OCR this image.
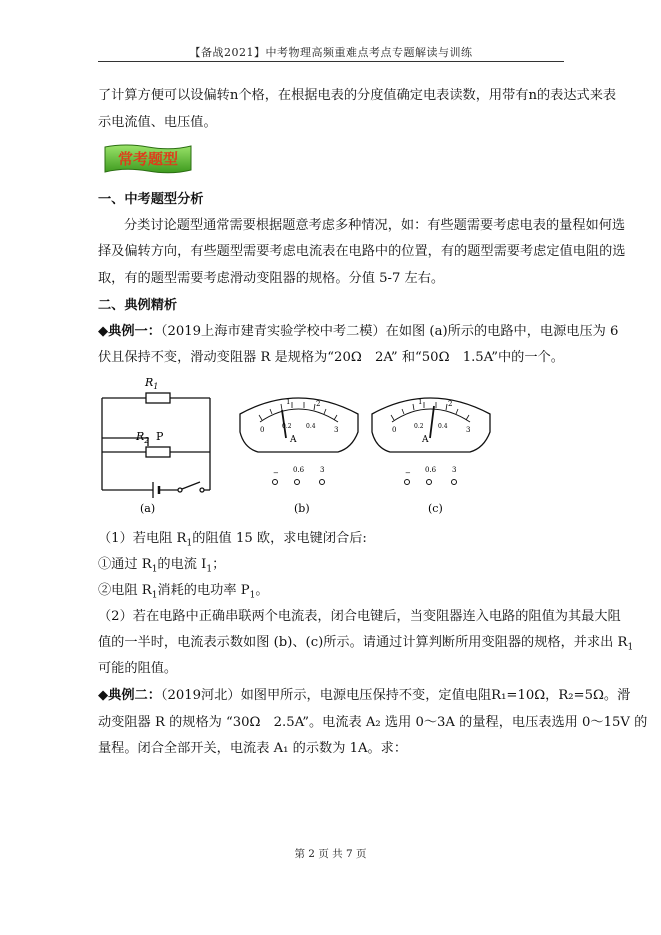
【备战2021】中考物理高频重难点考点专题解读与训练
了计算方便可以设偏转n个格，在根据电表的分度值确定电表读数，用带有n的表达式来表
示电流值、电压值。
常考题型
一、中考题型分析
分类讨论题型通常需要根据题意考虑多种情况，如：有些题需要考虑电表的量程如何选
择及偏转方向，有些题型需要考虑电流表在电路中的位置，有的题型需要考虑定值电阻的选
取，有的题型需要考虑滑动变阻器的规格。分值 5-7 左右。
二、典例精析
◆典例一：（2019上海市建青实验学校中考二模）在如图 (a)所示的电路中，电源电压为 6
伏且保持不变，滑动变阻器 R 是规格为“20Ω　2A” 和“50Ω　1.5A”中的一个。
$R_1$
$R_2$ P
(a)
0
1	2
3
0.2 0.4
A
− 0.6 3
(b)
0
1	2
3
0.2 0.4
A
− 0.6 3
(c)
（1）若电阻 $R_1$的阻值 15 欧，求电键闭合后:
①通过 $R_1$的电流 $I_1$；
②电阻 $R_1$消耗的电功率 $P_1$。
（2）若在电路中正确串联两个电流表，闭合电键后，当变阻器连入电路的阻值为其最大阻
值的一半时，电流表示数如图 (b)、(c)所示。请通过计算判断所用变阻器的规格，并求出 $R_1$
可能的阻值。
◆典例二：（2019河北）如图甲所示，电源电压保持不变，定值电阻R₁=10Ω，R₂=5Ω。滑
动变阻器 R 的规格为 “30Ω　2.5A”。电流表 A₂ 选用 0～3A 的量程，电压表选用 0～15V 的
量程。闭合全部开关，电流表 A₁ 的示数为 1A。求：
第 2 页 共 7 页
